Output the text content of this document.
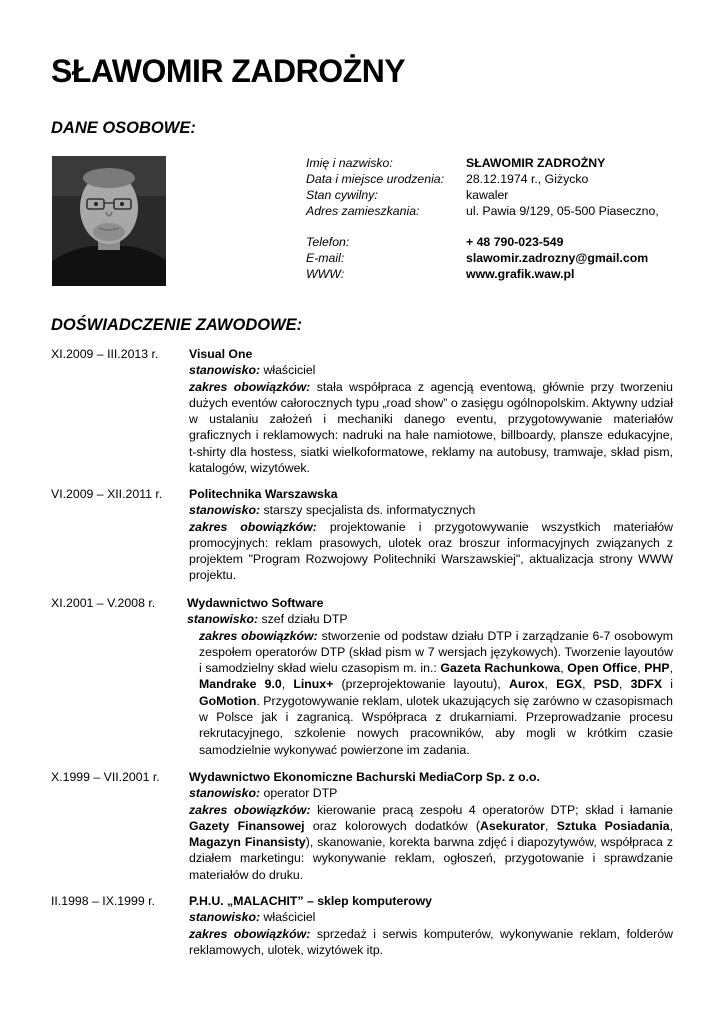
SŁAWOMIR ZADROŻNY
DANE OSOBOWE:
Imię i nazwisko:	SŁAWOMIR ZADROŻNY
Data i miejsce urodzenia: 28.12.1974 r., Giżycko
Stan cywilny:	kawaler
Adres zamieszkania:	ul. Pawia 9/129, 05-500 Piaseczno,
Telefon:	+ 48 790-023-549
E-mail:	slawomir.zadrozny@gmail.com
WWW:	www.grafik.waw.pl
DOŚWIADCZENIE ZAWODOWE:
XI.2009 – III.2013 r. Visual One
stanowisko: właściciel
zakres obowiązków: stała współpraca z agencją eventową, głównie przy tworzeniu dużych eventów całorocznych typu „road show” o zasięgu ogólnopolskim. Aktywny udział w ustalaniu założeń i mechaniki danego eventu, przygotowywanie materiałów graficznych i reklamowych: nadruki na hale namiotowe, billboardy, plansze edukacyjne, t-shirty dla hostess, siatki wielkoformatowe, reklamy na autobusy, tramwaje, skład pism, katalogów, wizytówek.
VI.2009 – XII.2011 r. Politechnika Warszawska
stanowisko: starszy specjalista ds. informatycznych
zakres obowiązków: projektowanie i przygotowywanie wszystkich materiałów promocyjnych: reklam prasowych, ulotek oraz broszur informacyjnych związanych z projektem "Program Rozwojowy Politechniki Warszawskiej", aktualizacja strony WWW projektu.
XI.2001 – V.2008 r.	Wydawnictwo Software
stanowisko: szef działu DTP
zakres obowiązków: stworzenie od podstaw działu DTP i zarządzanie 6-7 osobowym zespołem operatorów DTP (skład pism w 7 wersjach językowych). Tworzenie layoutów i samodzielny skład wielu czasopism m. in.: Gazeta Rachunkowa, Open Office, PHP, Mandrake 9.0, Linux+ (przeprojektowanie layoutu), Aurox, EGX, PSD, 3DFX i GoMotion. Przygotowywanie reklam, ulotek ukazujących się zarówno w czasopismach w Polsce jak i zagranicą. Współpraca z drukarniami. Przeprowadzanie procesu rekrutacyjnego, szkolenie nowych pracowników, aby mogli w krótkim czasie samodzielnie wykonywać powierzone im zadania.
X.1999 – VII.2001 r. Wydawnictwo Ekonomiczne Bachurski MediaCorp Sp. z o.o.
stanowisko: operator DTP
zakres obowiązków: kierowanie pracą zespołu 4 operatorów DTP; skład i łamanie Gazety Finansowej oraz kolorowych dodatków (Asekurator, Sztuka Posiadania, Magazyn Finansisty), skanowanie, korekta barwna zdjęć i diapozytywów, współpraca z działem marketingu: wykonywanie reklam, ogłoszeń, przygotowanie i sprawdzanie materiałów do druku.
II.1998 – IX.1999 r.	P.H.U. „MALACHIT” – sklep komputerowy
stanowisko: właściciel
zakres obowiązków: sprzedaż i serwis komputerów, wykonywanie reklam, folderów reklamowych, ulotek, wizytówek itp.
